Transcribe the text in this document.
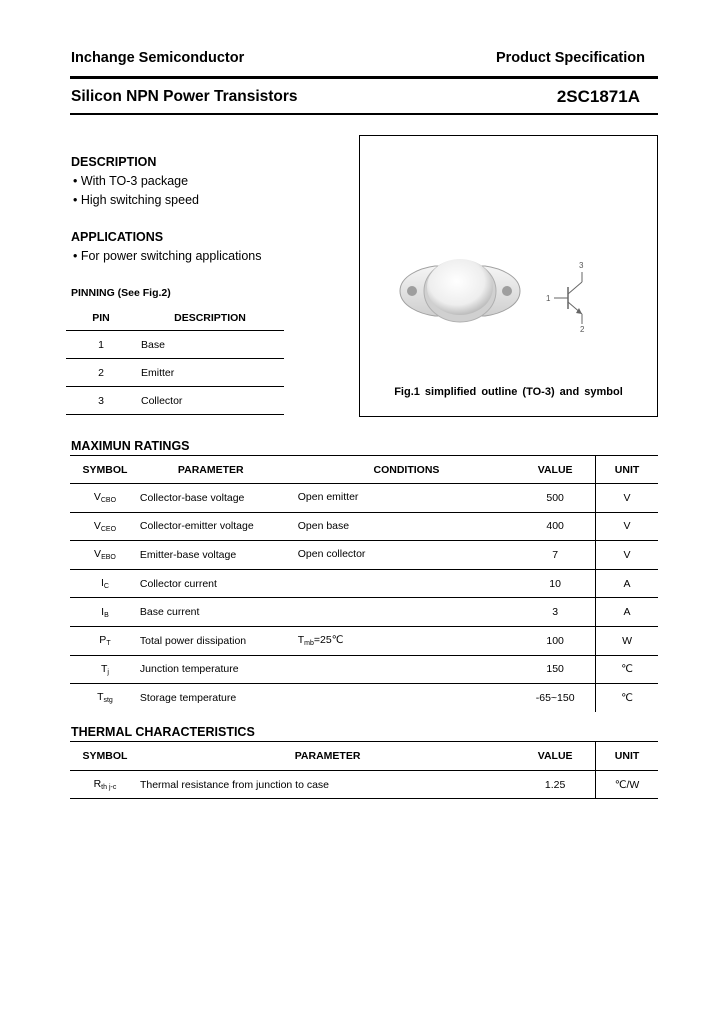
Inchange Semiconductor	Product Specification
Silicon NPN Power Transistors	2SC1871A
DESCRIPTION
• With TO-3 package
• High switching speed
APPLICATIONS
• For power switching applications
PINNING (See Fig.2)
PIN	DESCRIPTION
1	Base
2	Emitter
3	Collector
1
2
3
Fig.1 simplified outline (TO-3) and symbol
MAXIMUN RATINGS
SYMBOL	PARAMETER	CONDITIONS	VALUE	UNIT
$V_{CBO}$	Collector-base voltage	Open emitter	500	V
$V_{CEO}$	Collector-emitter voltage	Open base	400	V
$V_{EBO}$	Emitter-base voltage	Open collector	7	V
$I_C$	Collector current		10	A
$I_B$	Base current		3	A
$P_T$	Total power dissipation	$T_{mb}=25℃$	100	W
$T_j$	Junction temperature		150	℃
$T_{stg}$	Storage temperature		-65~150	℃
THERMAL CHARACTERISTICS
SYMBOL	PARAMETER	VALUE	UNIT
$R_{th j-c}$	Thermal resistance from junction to case	1.25	℃/W
